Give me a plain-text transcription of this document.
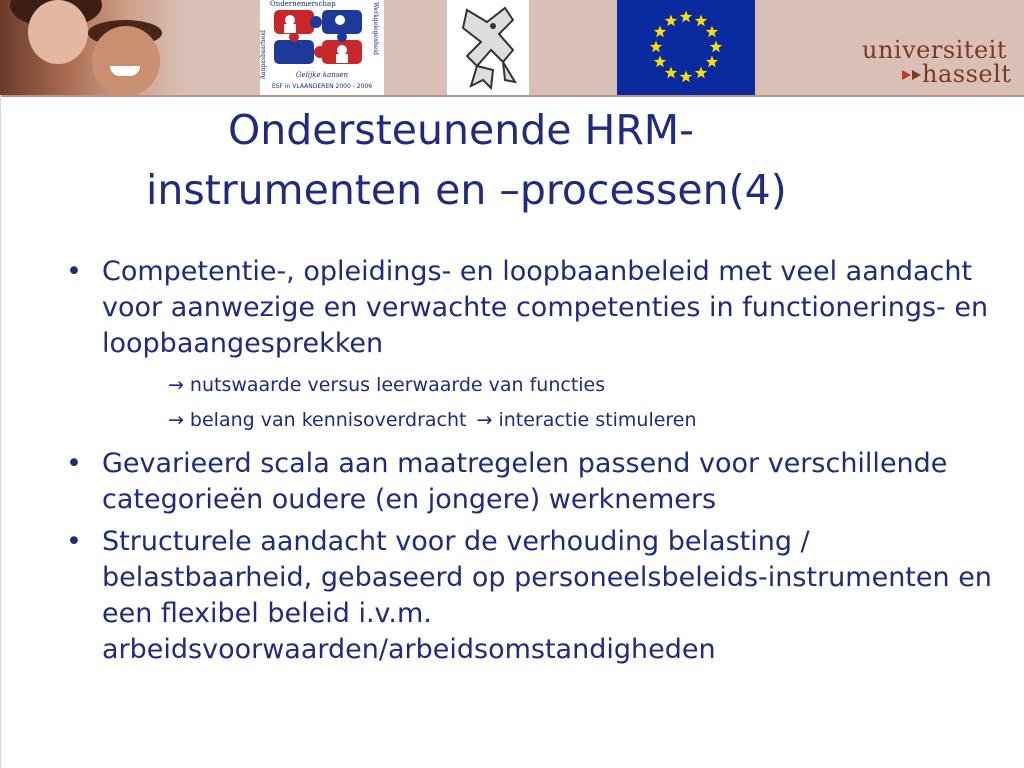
Aanpasbaarheid	Werkgelegenheid
Ondernemerschap
Gelijke kansen
ESF in VLAANDEREN 2000 - 2006
universiteit
hasselt
Ondersteunende HRM-
instrumenten en –processen(4)
• Competentie-, opleidings- en loopbaanbeleid met veel aandacht voor aanwezige en verwachte competenties in functionerings- en loopbaangesprekken
→ nutswaarde versus leerwaarde van functies
→ belang van kennisoverdracht → interactie stimuleren
• Gevarieerd scala aan maatregelen passend voor verschillende categorieën oudere (en jongere) werknemers
• Structurele aandacht voor de verhouding belasting / belastbaarheid, gebaseerd op personeelsbeleids-instrumenten en een flexibel beleid i.v.m. arbeidsvoorwaarden/arbeidsomstandigheden
